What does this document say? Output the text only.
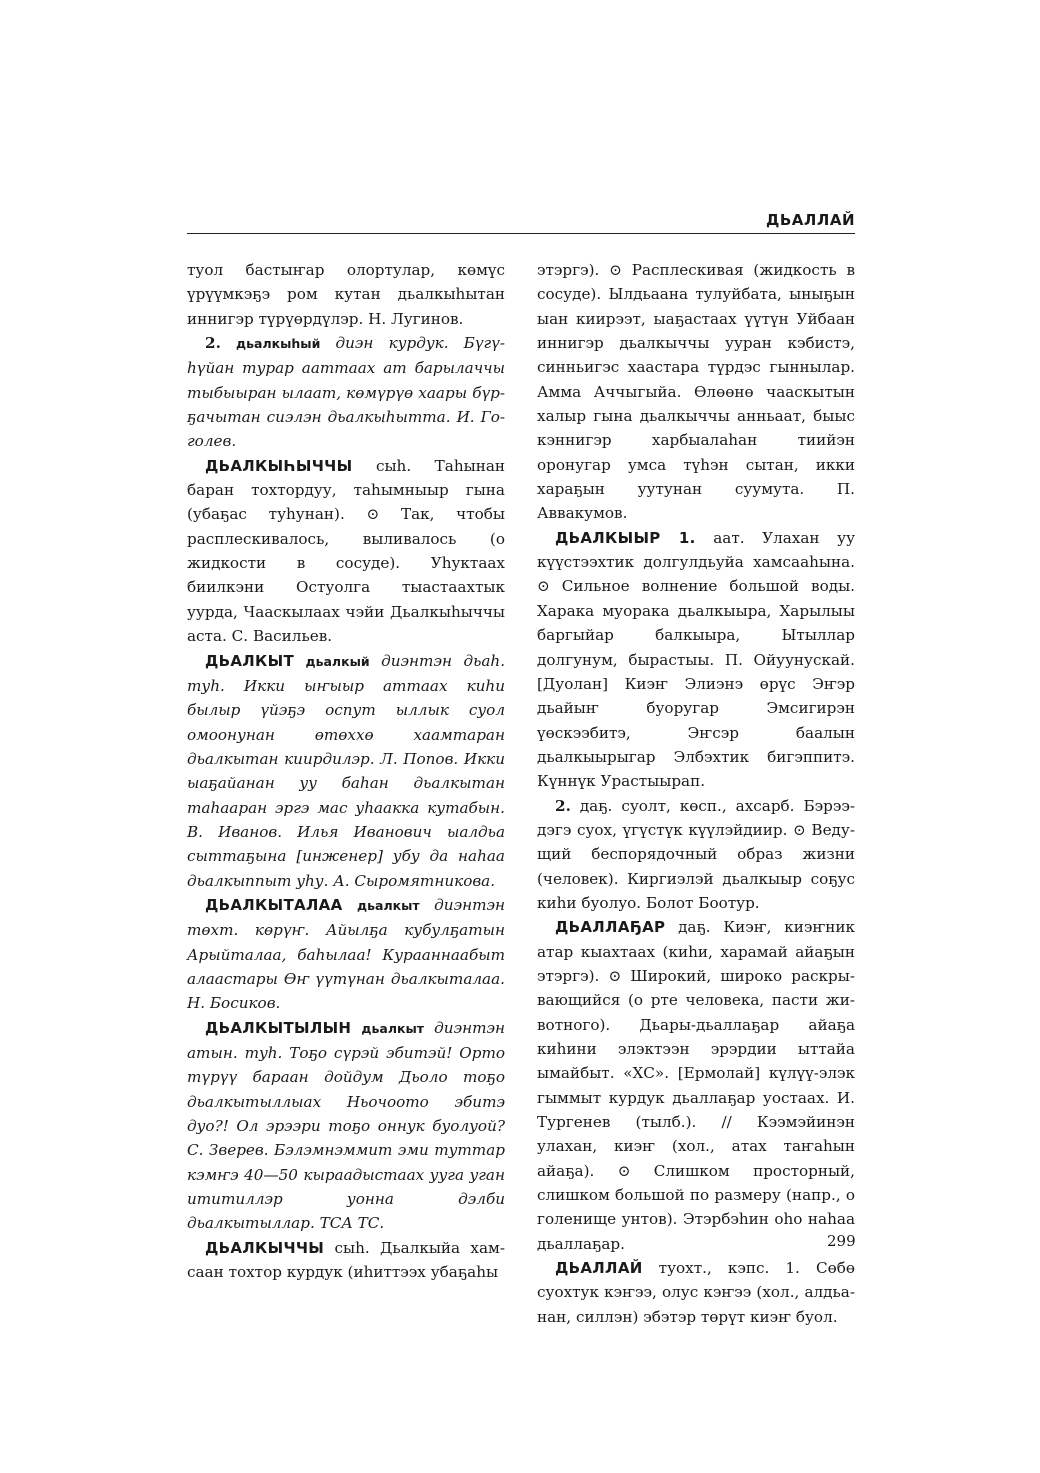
ДЬАЛЛАЙ

туол бастыҥар олортулар, көмүс үрүүмкэҕэ ром кутан дьалкыһытан иннигэр түрүөрдүлэр. Н. Лугинов.

2. дьалкыһый диэн курдук. Бүгүһүйан турар ааттаах ат барылаччы тыбыыран ылаат, көмүрүө хаары бүрҕачытан сиэлэн дьалкыһытта. И. Гоголев.

ДЬАЛКЫҺЫЧЧЫ сыһ. Таһынан баран тохтордуу, таһымныыр гына (убаҕас туһунан). ⊙ Так, чтобы расплескивалось, выливалось (о жидкости в сосуде). Уһуктаах биилкэни Остуолга тыастаахтык уурда, Чааскылаах чэйи Дьалкыһыччы аста. С. Васильев.

ДЬАЛКЫТ дьалкый диэнтэн дьаһ. туһ. Икки ыҥыыр аттаах киһи былыр үйэҕэ оспут ыллык суол омоонунан өтөххө хаамтаран дьалкытан киирдилэр. Л. Попов. Икки ыаҕайанан уу баһан дьалкытан таһааран эргэ мас уһаакка кутабын. В. Иванов. Илья Иванович ыалдьа сыттаҕына [инженер] убу да наһаа дьалкыппыт уһу. А. Сыромятникова.

ДЬАЛКЫТАЛАА дьалкыт диэнтэн төхт. көрүҥ. Айылҕа кубулҕатын Арыйталаа, баһылаа! Курааннаабыт алаастары Өҥ үүтүнан дьалкыталаа. Н. Босиков.

ДЬАЛКЫТЫЛЫН дьалкыт диэнтэн атын. туһ. Тоҕо сүрэй эбитэй! Орто түрүү бараан дойдум Дьоло тоҕо дьалкытыллыах Ньочоото эбитэ дуо?! Ол эрээри тоҕо оннук буолуой? С. Зверев. Бэлэмнэммит эми туттар кэмҥэ 40—50 кыраадыстаах ууга уган ититиллэр уонна дэлби дьалкытыллар. ТСА ТС.

ДЬАЛКЫЧЧЫ сыһ. Дьалкыйа хамсаан тохтор курдук (иһиттээх убаҕаһы

этэргэ). ⊙ Расплескивая (жидкость в сосуде). Ылдьаана тулуйбата, ыныҕын ыан киирээт, ыаҕастаах үүтүн Уйбаан иннигэр дьалкыччы ууран кэбистэ, синньигэс хаастара түрдэс гыннылар. Амма Аччыгыйа. Өлөөнө чааскытын халыр гына дьалкыччы анньаат, быыс кэннигэр харбыалаһан тиийэн оронугар умса түһэн сытан, икки хараҕын уутунан суумута. П. Аввакумов.

ДЬАЛКЫЫР 1. аат. Улахан уу күүстээхтик долгулдьуйа хамсааһына. ⊙ Сильное волнение большой воды. Харака муорака дьалкыыра, Харылыы баргыйар балкыыра, Ытыллар долгунум, бырастыы. П. Ойуунускай. [Дуолан] Киэҥ Элиэнэ өрүс Эҥэр дьайыҥ буоругар Эмсигирэн үөскээбитэ, Эҥсэр баалын дьалкыырыгар Элбэхтик бигэппитэ. Күннүк Урастыырап.

2. даҕ. суолт, көсп., ахсарб. Бэрээдэгэ суох, үгүстүк күүлэйдиир. ⊙ Ведущий беспорядочный образ жизни (человек). Киргиэлэй дьалкыыр соҕус киһи буолуо. Болот Боотур.

ДЬАЛЛАҔАР даҕ. Киэҥ, киэҥник атар кыахтаах (киһи, харамай айаҕын этэргэ). ⊙ Широкий, широко раскрывающийся (о рте человека, пасти животного). Дьары-дьаллаҕар айаҕа киһини элэктээн эрэрдии ыттайа ымайбыт. «ХС». [Ермолай] күлүү-элэк гыммыт курдук дьаллаҕар уостаах. И. Тургенев (тылб.). // Кээмэйинэн улахан, киэҥ (хол., атах таҥаһын айаҕа). ⊙ Слишком просторный, слишком большой по размеру (напр., о голенище унтов). Этэрбэһин оһо наһаа дьаллаҕар.

ДЬАЛЛАЙ туохт., кэпс. 1. Сөбө суохтук кэҥээ, олус кэҥээ (хол., алдьанан, силлэн) эбэтэр төрүт киэҥ буол.

299
